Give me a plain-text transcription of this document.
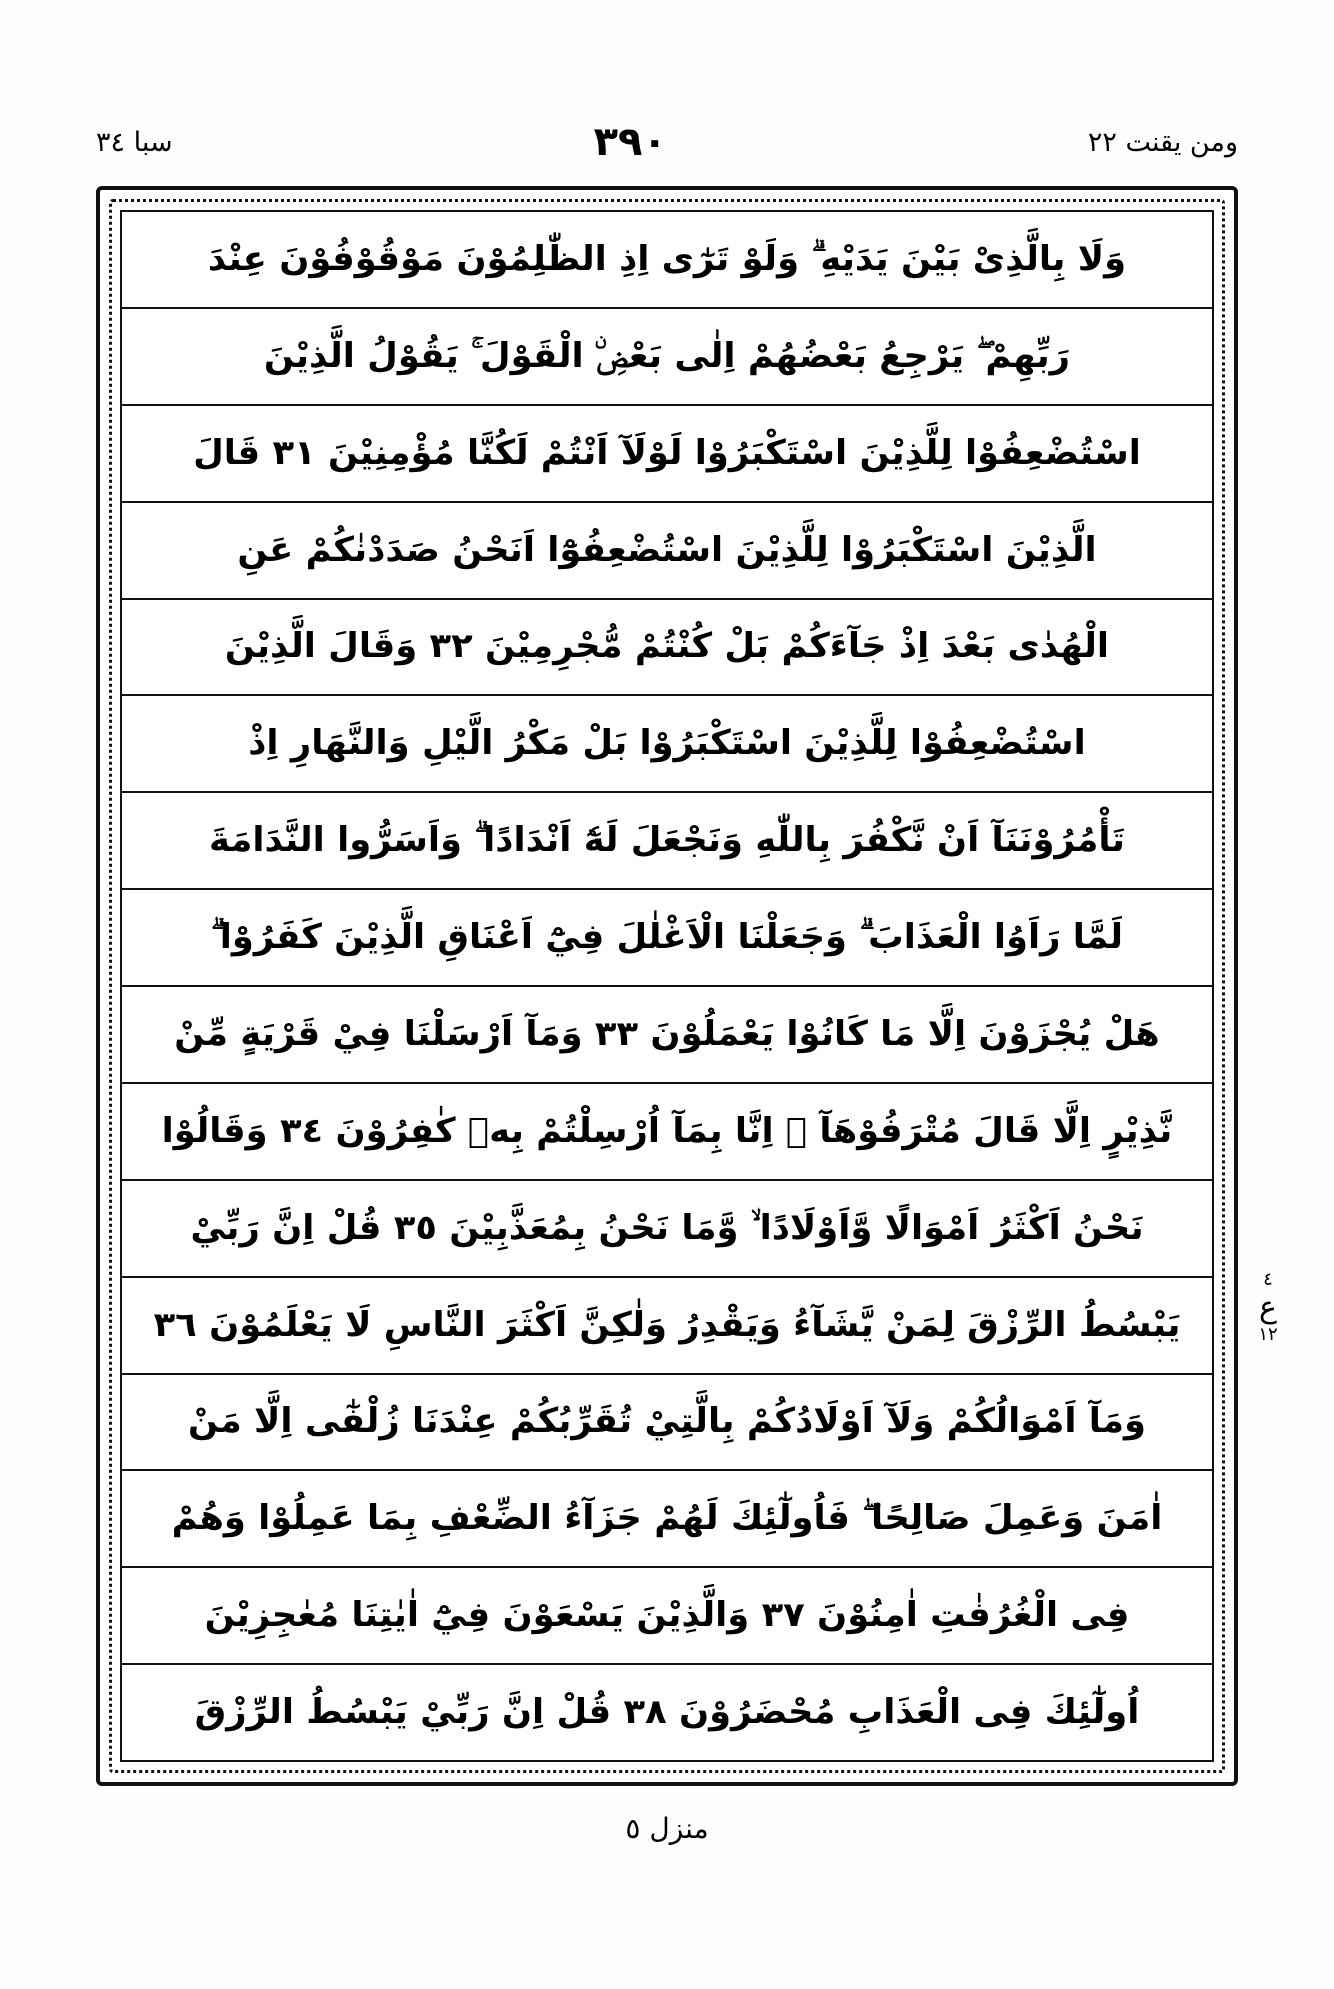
ومن يقنت ٢٢
٣٩٠
سبا ٣٤
وَلَا بِالَّذِىْ بَيْنَ يَدَيْهِ ۗ وَلَوْ تَرٰٓى اِذِ الظّٰلِمُوْنَ مَوْقُوْفُوْنَ عِنْدَ
رَبِّهِمْ ۖ يَرْجِعُ بَعْضُهُمْ اِلٰى بَعْضِۨ الْقَوْلَ ۚ يَقُوْلُ الَّذِيْنَ
اسْتُضْعِفُوْا لِلَّذِيْنَ اسْتَكْبَرُوْا لَوْلَآ اَنْتُمْ لَكُنَّا مُؤْمِنِيْنَ ٣١ قَالَ
الَّذِيْنَ اسْتَكْبَرُوْا لِلَّذِيْنَ اسْتُضْعِفُوْٓا اَنَحْنُ صَدَدْنٰكُمْ عَنِ
الْهُدٰى بَعْدَ اِذْ جَآءَكُمْ بَلْ كُنْتُمْ مُّجْرِمِيْنَ ٣٢ وَقَالَ الَّذِيْنَ
اسْتُضْعِفُوْا لِلَّذِيْنَ اسْتَكْبَرُوْا بَلْ مَكْرُ الَّيْلِ وَالنَّهَارِ اِذْ
تَأْمُرُوْنَنَآ اَنْ نَّكْفُرَ بِاللّٰهِ وَنَجْعَلَ لَهٗٓ اَنْدَادًا ۗ وَاَسَرُّوا النَّدَامَةَ
لَمَّا رَاَوُا الْعَذَابَ ۗ وَجَعَلْنَا الْاَغْلٰلَ فِيْٓ اَعْنَاقِ الَّذِيْنَ كَفَرُوْا ۗ
هَلْ يُجْزَوْنَ اِلَّا مَا كَانُوْا يَعْمَلُوْنَ ٣٣ وَمَآ اَرْسَلْنَا فِيْ قَرْيَةٍ مِّنْ
نَّذِيْرٍ اِلَّا قَالَ مُتْرَفُوْهَآ ۙ اِنَّا بِمَآ اُرْسِلْتُمْ بِهٖ كٰفِرُوْنَ ٣٤ وَقَالُوْا
نَحْنُ اَكْثَرُ اَمْوَالًا وَّاَوْلَادًا ۙ وَّمَا نَحْنُ بِمُعَذَّبِيْنَ ٣٥ قُلْ اِنَّ رَبِّيْ
يَبْسُطُ الرِّزْقَ لِمَنْ يَّشَآءُ وَيَقْدِرُ وَلٰكِنَّ اَكْثَرَ النَّاسِ لَا يَعْلَمُوْنَ ٣٦
وَمَآ اَمْوَالُكُمْ وَلَآ اَوْلَادُكُمْ بِالَّتِيْ تُقَرِّبُكُمْ عِنْدَنَا زُلْفٰٓى اِلَّا مَنْ
اٰمَنَ وَعَمِلَ صَالِحًا ۖ فَاُولٰٓئِكَ لَهُمْ جَزَآءُ الضِّعْفِ بِمَا عَمِلُوْا وَهُمْ
فِى الْغُرُفٰتِ اٰمِنُوْنَ ٣٧ وَالَّذِيْنَ يَسْعَوْنَ فِيْٓ اٰيٰتِنَا مُعٰجِزِيْنَ
اُولٰٓئِكَ فِى الْعَذَابِ مُحْضَرُوْنَ ٣٨ قُلْ اِنَّ رَبِّيْ يَبْسُطُ الرِّزْقَ
٤
ع
١٢
منزل ٥
